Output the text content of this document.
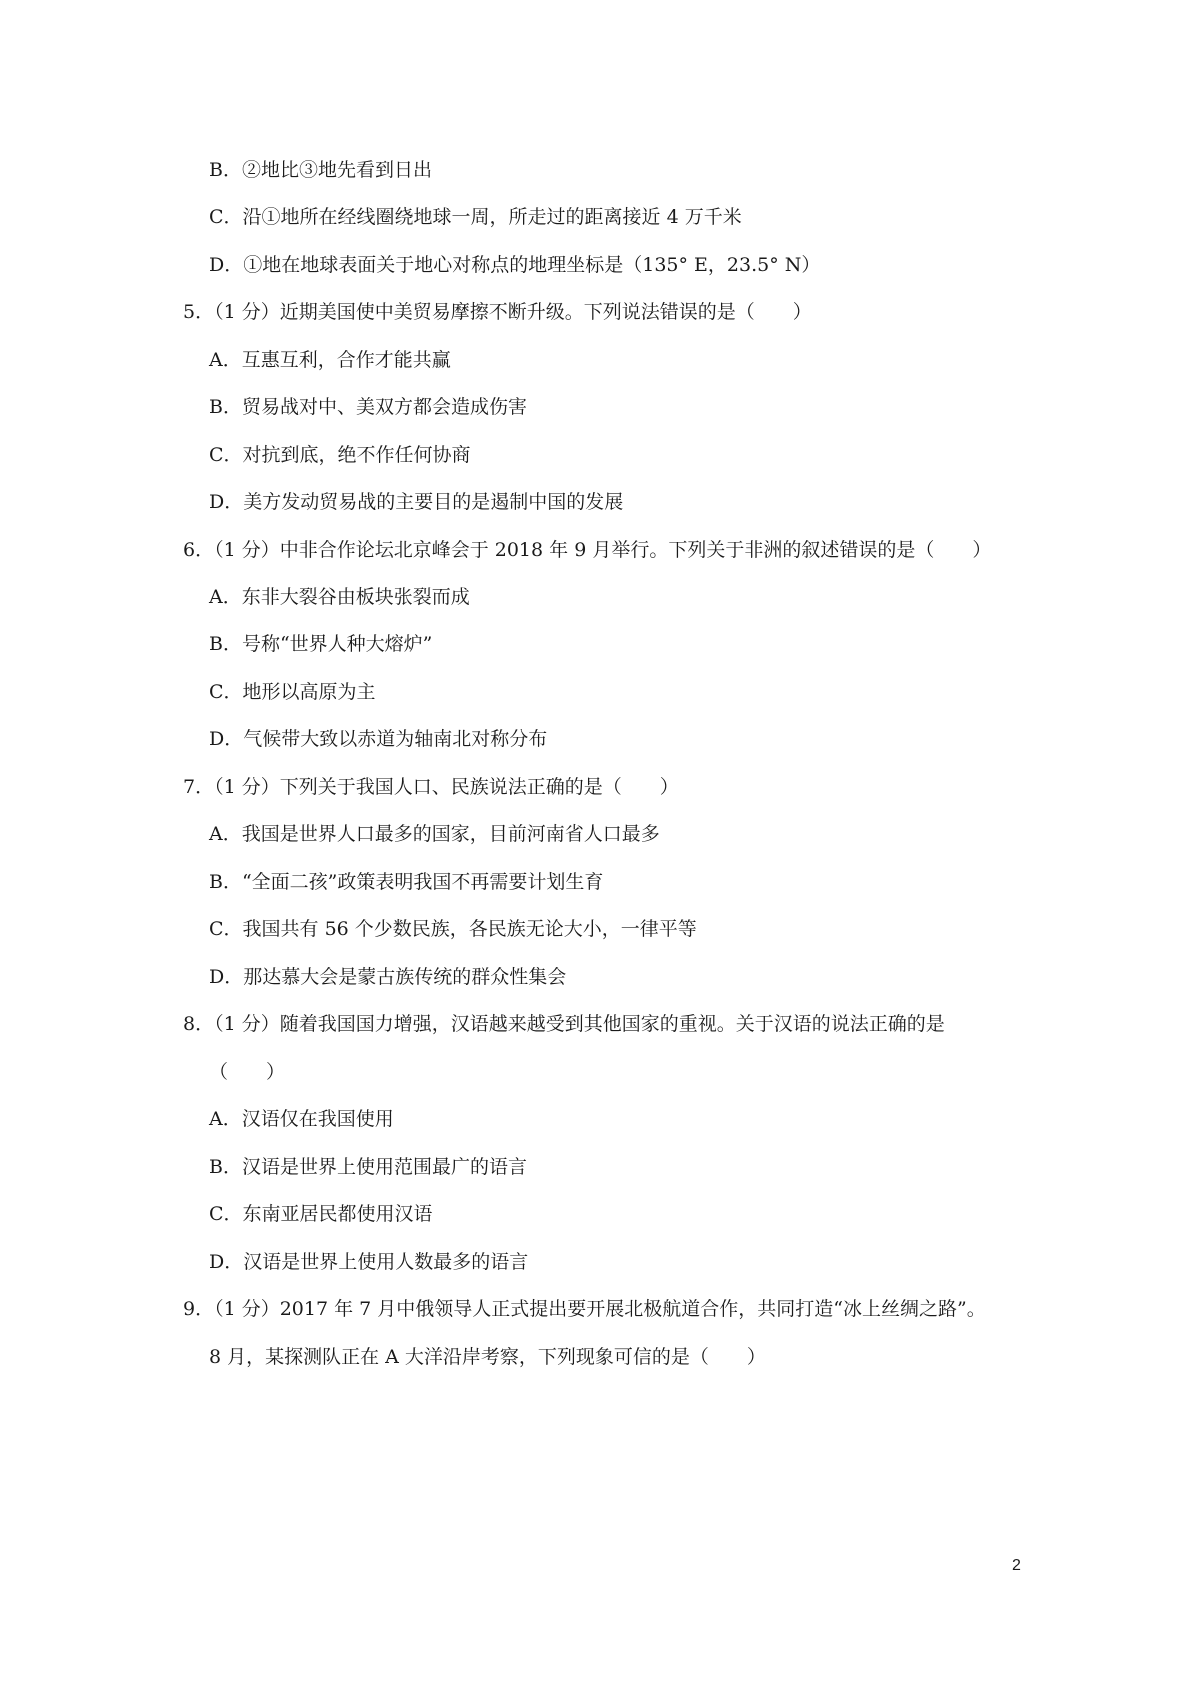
B．②地比③地先看到日出
C．沿①地所在经线圈绕地球一周，所走过的距离接近 4 万千米
D．①地在地球表面关于地心对称点的地理坐标是（135° E，23.5° N）
5．（1 分）近期美国使中美贸易摩擦不断升级。下列说法错误的是（　　）
A．互惠互利，合作才能共赢
B．贸易战对中、美双方都会造成伤害
C．对抗到底，绝不作任何协商
D．美方发动贸易战的主要目的是遏制中国的发展
6．（1 分）中非合作论坛北京峰会于 2018 年 9 月举行。下列关于非洲的叙述错误的是（　　）
A．东非大裂谷由板块张裂而成
B．号称“世界人种大熔炉”
C．地形以高原为主
D．气候带大致以赤道为轴南北对称分布
7．（1 分）下列关于我国人口、民族说法正确的是（　　）
A．我国是世界人口最多的国家，目前河南省人口最多
B．“全面二孩”政策表明我国不再需要计划生育
C．我国共有 56 个少数民族，各民族无论大小，一律平等
D．那达慕大会是蒙古族传统的群众性集会
8．（1 分）随着我国国力增强，汉语越来越受到其他国家的重视。关于汉语的说法正确的是
（　　）
A．汉语仅在我国使用
B．汉语是世界上使用范围最广的语言
C．东南亚居民都使用汉语
D．汉语是世界上使用人数最多的语言
9．（1 分）2017 年 7 月中俄领导人正式提出要开展北极航道合作，共同打造“冰上丝绸之路”。
8 月，某探测队正在 A 大洋沿岸考察，下列现象可信的是（　　）
2
